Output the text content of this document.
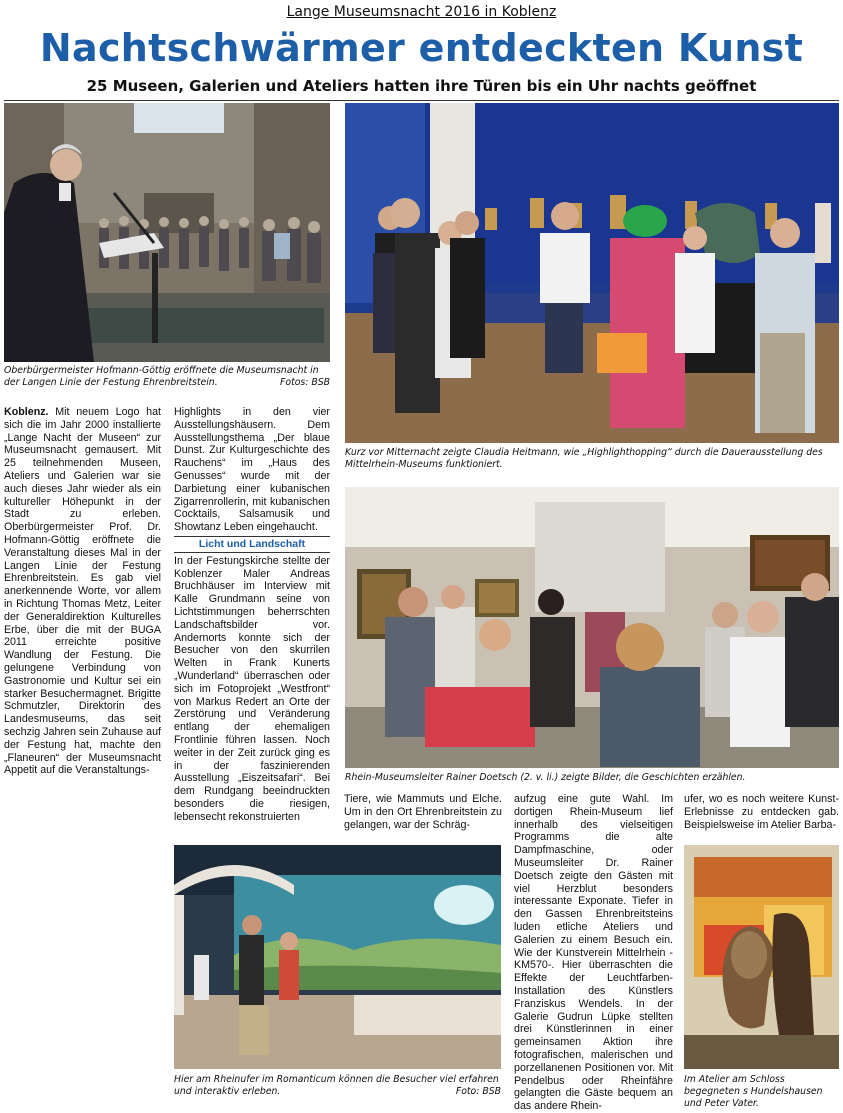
Lange Museumsnacht 2016 in Koblenz
Nachtschwärmer entdeckten Kunst
25 Museen, Galerien und Ateliers hatten ihre Türen bis ein Uhr nachts geöffnet
Oberbürgermeister Hofmann-Göttig eröffnete die Museumsnacht in der Langen Linie der Festung Ehrenbreitstein.	Fotos: BSB
Kurz vor Mitternacht zeigte Claudia Heitmann, wie „Highlighthopping“ durch die Dauerausstellung des Mittelrhein-Museums funktioniert.
Rhein-Museumsleiter Rainer Doetsch (2. v. li.) zeigte Bilder, die Geschichten erzählen.

Koblenz. Mit neuem Logo hat sich die im Jahr 2000 installierte „Lange Nacht der Museen“ zur Museumsnacht gemausert. Mit 25 teilnehmenden Museen, Ateliers und Galerien war sie auch dieses Jahr wieder als ein kultureller Höhepunkt in der Stadt zu erleben. Oberbürgermeister Prof. Dr. Hofmann-Göttig eröffnete die Veranstaltung dieses Mal in der Langen Linie der Festung Ehrenbreitstein. Es gab viel anerkennende Worte, vor allem in Richtung Thomas Metz, Leiter der Generaldirektion Kulturelles Erbe, über die mit der BUGA 2011 erreichte positive Wandlung der Festung. Die gelungene Verbindung von Gastronomie und Kultur sei ein starker Besuchermagnet. Brigitte Schmutzler, Direktorin des Landesmuseums, das seit sechzig Jahren sein Zuhause auf der Festung hat, machte den „Flaneuren“ der Museumsnacht Appetit auf die Veranstaltungs-

Highlights in den vier Ausstellungshäusern. Dem Ausstellungsthema „Der blaue Dunst. Zur Kulturgeschichte des Rauchens“ im „Haus des Genusses“ wurde mit der Darbietung einer kubanischen Zigarrenrollerin, mit kubanischen Cocktails, Salsamusik und Showtanz Leben eingehaucht.

Licht und Landschaft

In der Festungskirche stellte der Koblenzer Maler Andreas Bruchhäuser im Interview mit Kalle Grundmann seine von Lichtstimmungen beherrschten Landschaftsbilder vor. Andernorts konnte sich der Besucher von den skurrilen Welten in Frank Kunerts „Wunderland“ überraschen oder sich im Fotoprojekt „Westfront“ von Markus Redert an Orte der Zerstörung und Veränderung entlang der ehemaligen Frontlinie führen lassen. Noch weiter in der Zeit zurück ging es in der faszinierenden Ausstellung „Eiszeitsafari“. Bei dem Rundgang beeindruckten besonders die riesigen, lebensecht rekonstruierten

Tiere, wie Mammuts und Elche. Um in den Ort Ehrenbreitstein zu gelangen, war der Schräg-

Hier am Rheinufer im Romanticum können die Besucher viel erfahren und interaktiv erleben.	Foto: BSB

aufzug eine gute Wahl. Im dortigen Rhein-Museum lief innerhalb des vielseitigen Programms die alte Dampfmaschine, oder Museumsleiter Dr. Rainer Doetsch zeigte den Gästen mit viel Herzblut besonders interessante Exponate. Tiefer in den Gassen Ehrenbreitsteins luden etliche Ateliers und Galerien zu einem Besuch ein. Wie der Kunstverein Mittelrhein -KM570-. Hier überraschten die Effekte der Leuchtfarben-Installation des Künstlers Franziskus Wendels. In der Galerie Gudrun Lüpke stellten drei Künstlerinnen in einer gemeinsamen Aktion ihre fotografischen, malerischen und porzellanenen Positionen vor. Mit Pendelbus oder Rheinfähre gelangten die Gäste bequem an das andere Rhein-

ufer, wo es noch weitere Kunst-Erlebnisse zu entdecken gab. Beispielsweise im Atelier Barba-

Im Atelier am Schloss begegneten s Hundelshausen und Peter Vater.
